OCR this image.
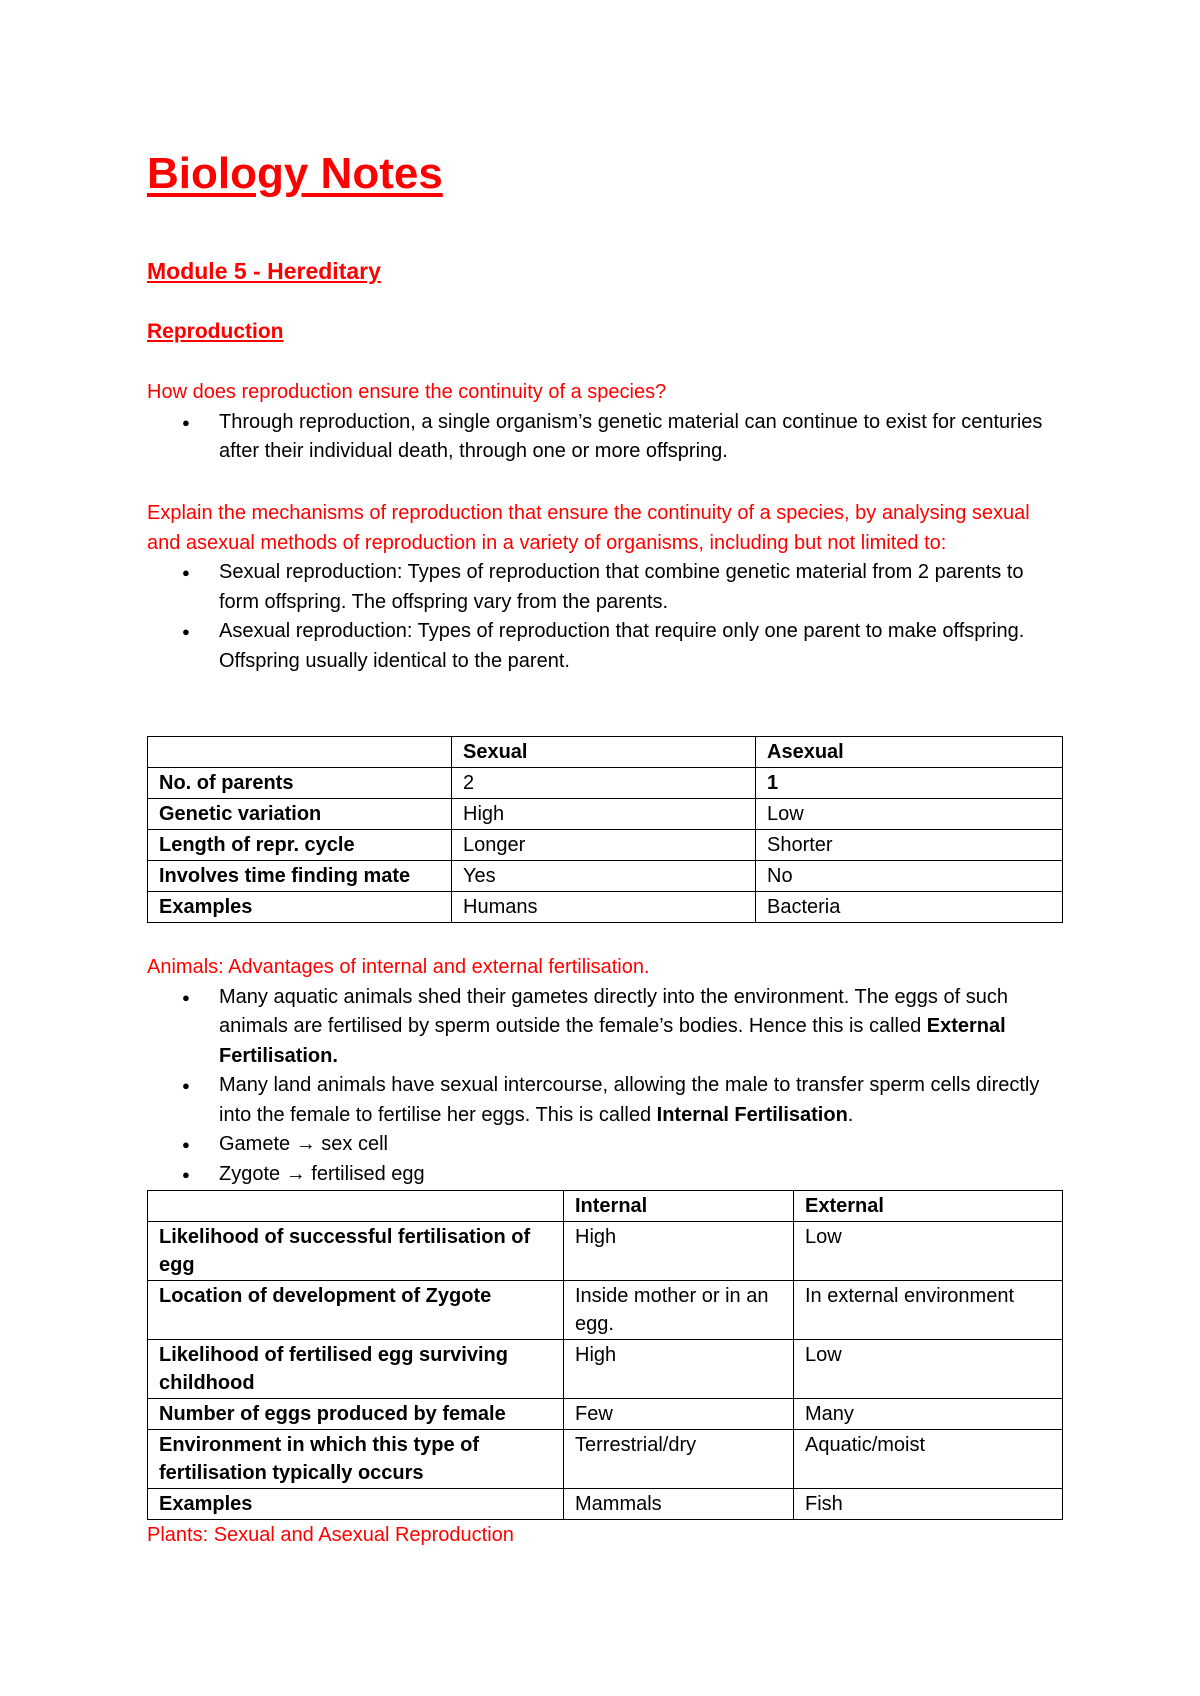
Biology Notes
Module 5 - Hereditary
Reproduction

How does reproduction ensure the continuity of a species?

● Through reproduction, a single organism’s genetic material can continue to exist for centuries after their individual death, through one or more offspring.

Explain the mechanisms of reproduction that ensure the continuity of a species, by analysing sexual and asexual methods of reproduction in a variety of organisms, including but not limited to:

● Sexual reproduction: Types of reproduction that combine genetic material from 2 parents to form offspring. The offspring vary from the parents.
● Asexual reproduction: Types of reproduction that require only one parent to make offspring. Offspring usually identical to the parent.
	Sexual	Asexual
No. of parents	2	1
Genetic variation	High	Low
Length of repr. cycle	Longer	Shorter
Involves time finding mate	Yes	No
Examples	Humans	Bacteria

Animals: Advantages of internal and external fertilisation.

● Many aquatic animals shed their gametes directly into the environment. The eggs of such animals are fertilised by sperm outside the female’s bodies. Hence this is called External Fertilisation.
● Many land animals have sexual intercourse, allowing the male to transfer sperm cells directly into the female to fertilise her eggs. This is called Internal Fertilisation.
● Gamete → sex cell
● Zygote → fertilised egg
	Internal	External
Likelihood of successful fertilisation of egg	High	Low
Location of development of Zygote	Inside mother or in an egg.	In external environment
Likelihood of fertilised egg surviving childhood	High	Low
Number of eggs produced by female	Few	Many
Environment in which this type of fertilisation typically occurs	Terrestrial/dry	Aquatic/moist
Examples	Mammals	Fish

Plants: Sexual and Asexual Reproduction
